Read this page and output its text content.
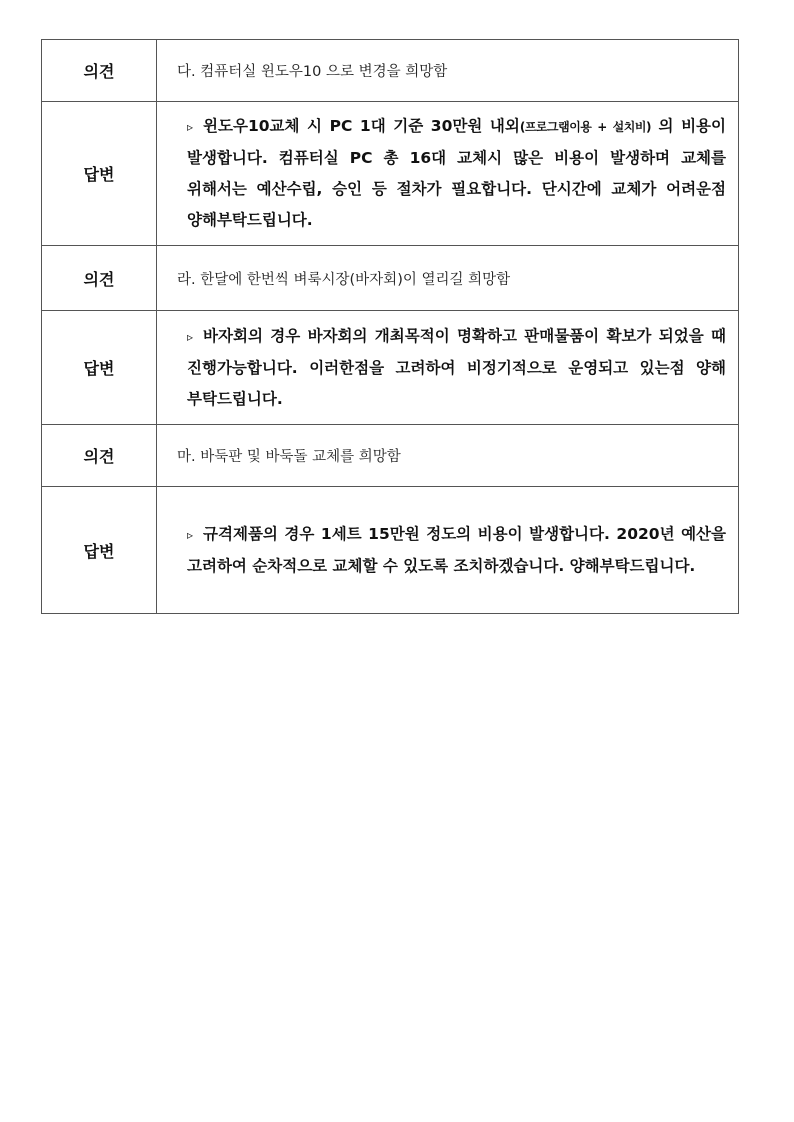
의견	다. 컴퓨터실 윈도우10 으로 변경을 희망함
답변	▹ 윈도우10교체 시 PC 1대 기준 30만원 내외(프로그램이용 + 설치비) 의 비용이 발생합니다. 컴퓨터실 PC 총 16대 교체시 많은 비용이 발생하며 교체를 위해서는 예산수립, 승인 등 절차가 필요합니다. 단시간에 교체가 어려운점 양해부탁드립니다.
의견	라. 한달에 한번씩 벼룩시장(바자회)이 열리길 희망함
답변	▹ 바자회의 경우 바자회의 개최목적이 명확하고 판매물품이 확보가 되었을 때 진행가능합니다. 이러한점을 고려하여 비정기적으로 운영되고 있는점 양해 부탁드립니다.
의견	마. 바둑판 및 바둑돌 교체를 희망함
답변	▹ 규격제품의 경우 1세트 15만원 정도의 비용이 발생합니다. 2020년 예산을 고려하여 순차적으로 교체할 수 있도록 조치하겠습니다. 양해부탁드립니다.
